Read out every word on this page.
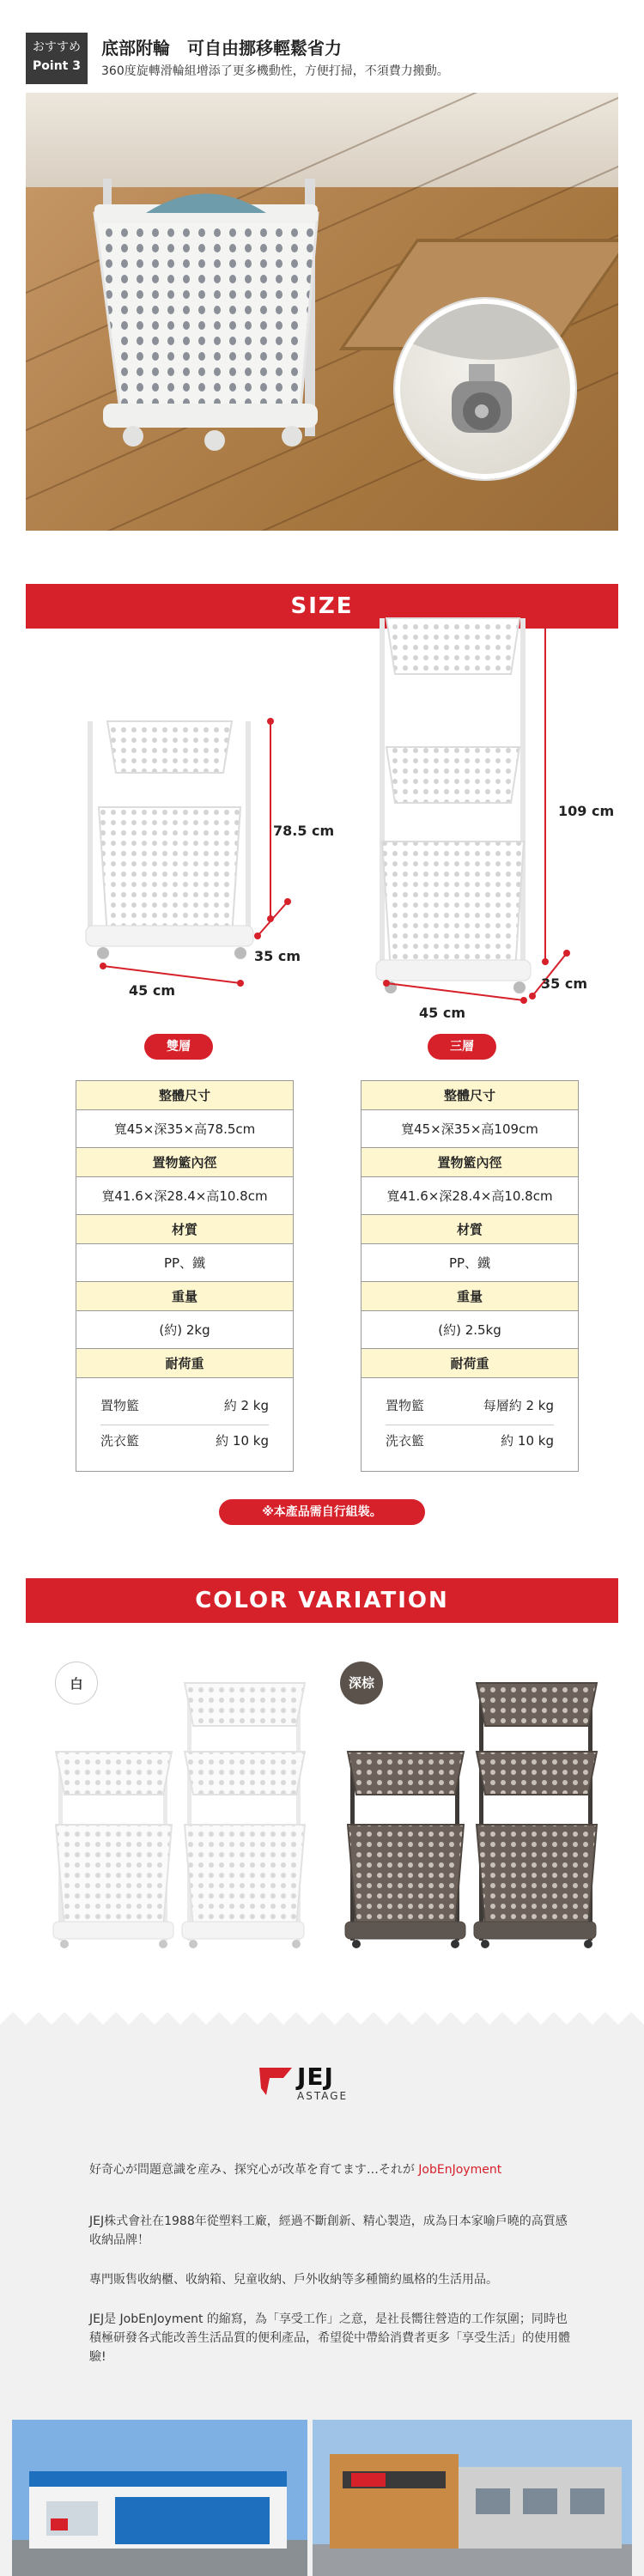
おすすめ
Point 3
底部附輪　可自由挪移輕鬆省力
360度旋轉滑輪組增添了更多機動性，方便打掃，不須費力搬動。
SIZE
78.5 cm
35 cm
45 cm
109 cm
35 cm
45 cm
雙層	三層
整體尺寸
寬45×深35×高78.5cm
置物籃內徑
寬41.6×深28.4×高10.8cm
材質
PP、鐵
重量
(約) 2kg
耐荷重
置物籃	約 2 kg
洗衣籃	約 10 kg
整體尺寸
寬45×深35×高109cm
置物籃內徑
寬41.6×深28.4×高10.8cm
材質
PP、鐵
重量
(約) 2.5kg
耐荷重
置物籃	每層約 2 kg
洗衣籃	約 10 kg
※本產品需自行組裝。
COLOR VARIATION
白	深棕
JEJ
ASTAGE
好奇心が問題意識を産み、探究心が改革を育てます…それが JobEnJoyment
JEJ株式會社在1988年從塑料工廠，經過不斷創新、精心製造，成為日本家喻戶曉的高質感收納品牌！
專門販售收納櫃、收納箱、兒童收納、戶外收納等多種簡約風格的生活用品。
JEJ是 JobEnJoyment 的縮寫，為「享受工作」之意，是社長嚮往營造的工作氛圍；同時也積極研發各式能改善生活品質的便利產品，希望從中帶給消費者更多「享受生活」的使用體驗!
